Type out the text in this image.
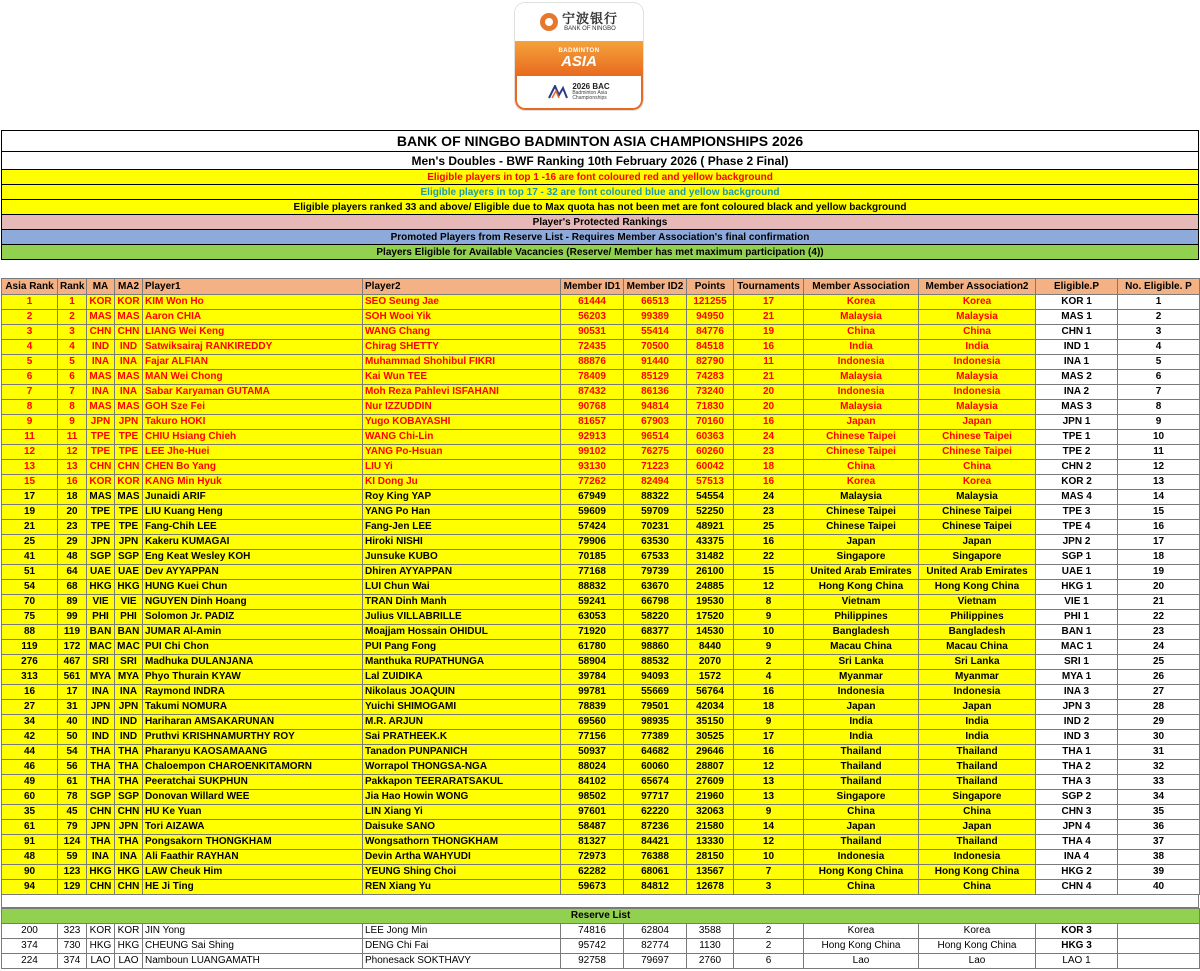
宁波银行
BANK OF NINGBO
BADMINTON
ASIA
2026 BAC
Badminton Asia
Championships
BANK OF NINGBO BADMINTON ASIA CHAMPIONSHIPS 2026
Men's Doubles - BWF Ranking 10th February 2026 ( Phase 2 Final)
Eligible players in top 1 -16 are font coloured red and yellow background
Eligible players in top 17 - 32 are font coloured blue and yellow background
Eligible players ranked 33 and above/ Eligible due to Max quota has not been met are font coloured black and yellow background
Player's Protected Rankings
Promoted Players from Reserve List - Requires Member Association's final confirmation
Players Eligible for Available Vacancies (Reserve/ Member has met maximum participation (4))
Asia Rank	Rank	MA	MA2	Player1	Player2	Member ID1	Member ID2	Points	Tournaments	Member Association	Member Association2	Eligible.P	No. Eligible. P
1	1	KOR	KOR	KIM Won Ho	SEO Seung Jae	61444	66513	121255	17	Korea	Korea	KOR 1	1
2	2	MAS	MAS	Aaron CHIA	SOH Wooi Yik	56203	99389	94950	21	Malaysia	Malaysia	MAS 1	2
3	3	CHN	CHN	LIANG Wei Keng	WANG Chang	90531	55414	84776	19	China	China	CHN 1	3
4	4	IND	IND	Satwiksairaj RANKIREDDY	Chirag SHETTY	72435	70500	84518	16	India	India	IND 1	4
5	5	INA	INA	Fajar ALFIAN	Muhammad Shohibul FIKRI	88876	91440	82790	11	Indonesia	Indonesia	INA 1	5
6	6	MAS	MAS	MAN Wei Chong	Kai Wun TEE	78409	85129	74283	21	Malaysia	Malaysia	MAS 2	6
7	7	INA	INA	Sabar Karyaman GUTAMA	Moh Reza Pahlevi ISFAHANI	87432	86136	73240	20	Indonesia	Indonesia	INA 2	7
8	8	MAS	MAS	GOH Sze Fei	Nur IZZUDDIN	90768	94814	71830	20	Malaysia	Malaysia	MAS 3	8
9	9	JPN	JPN	Takuro HOKI	Yugo KOBAYASHI	81657	67903	70160	16	Japan	Japan	JPN 1	9
11	11	TPE	TPE	CHIU Hsiang Chieh	WANG Chi-Lin	92913	96514	60363	24	Chinese Taipei	Chinese Taipei	TPE 1	10
12	12	TPE	TPE	LEE Jhe-Huei	YANG Po-Hsuan	99102	76275	60260	23	Chinese Taipei	Chinese Taipei	TPE 2	11
13	13	CHN	CHN	CHEN Bo Yang	LIU Yi	93130	71223	60042	18	China	China	CHN 2	12
15	16	KOR	KOR	KANG Min Hyuk	KI Dong Ju	77262	82494	57513	16	Korea	Korea	KOR 2	13
17	18	MAS	MAS	Junaidi ARIF	Roy King YAP	67949	88322	54554	24	Malaysia	Malaysia	MAS 4	14
19	20	TPE	TPE	LIU Kuang Heng	YANG Po Han	59609	59709	52250	23	Chinese Taipei	Chinese Taipei	TPE 3	15
21	23	TPE	TPE	Fang-Chih LEE	Fang-Jen LEE	57424	70231	48921	25	Chinese Taipei	Chinese Taipei	TPE 4	16
25	29	JPN	JPN	Kakeru KUMAGAI	Hiroki NISHI	79906	63530	43375	16	Japan	Japan	JPN 2	17
41	48	SGP	SGP	Eng Keat Wesley KOH	Junsuke KUBO	70185	67533	31482	22	Singapore	Singapore	SGP 1	18
51	64	UAE	UAE	Dev AYYAPPAN	Dhiren AYYAPPAN	77168	79739	26100	15	United Arab Emirates	United Arab Emirates	UAE 1	19
54	68	HKG	HKG	HUNG Kuei Chun	LUI Chun Wai	88832	63670	24885	12	Hong Kong China	Hong Kong China	HKG 1	20
70	89	VIE	VIE	NGUYEN Dinh Hoang	TRAN Dinh Manh	59241	66798	19530	8	Vietnam	Vietnam	VIE 1	21
75	99	PHI	PHI	Solomon Jr. PADIZ	Julius VILLABRILLE	63053	58220	17520	9	Philippines	Philippines	PHI 1	22
88	119	BAN	BAN	JUMAR Al-Amin	Moajjam Hossain OHIDUL	71920	68377	14530	10	Bangladesh	Bangladesh	BAN 1	23
119	172	MAC	MAC	PUI Chi Chon	PUI Pang Fong	61780	98860	8440	9	Macau China	Macau China	MAC 1	24
276	467	SRI	SRI	Madhuka DULANJANA	Manthuka RUPATHUNGA	58904	88532	2070	2	Sri Lanka	Sri Lanka	SRI 1	25
313	561	MYA	MYA	Phyo Thurain KYAW	Lal ZUIDIKA	39784	94093	1572	4	Myanmar	Myanmar	MYA 1	26
16	17	INA	INA	Raymond INDRA	Nikolaus JOAQUIN	99781	55669	56764	16	Indonesia	Indonesia	INA 3	27
27	31	JPN	JPN	Takumi NOMURA	Yuichi SHIMOGAMI	78839	79501	42034	18	Japan	Japan	JPN 3	28
34	40	IND	IND	Hariharan AMSAKARUNAN	M.R. ARJUN	69560	98935	35150	9	India	India	IND 2	29
42	50	IND	IND	Pruthvi KRISHNAMURTHY ROY	Sai PRATHEEK.K	77156	77389	30525	17	India	India	IND 3	30
44	54	THA	THA	Pharanyu KAOSAMAANG	Tanadon PUNPANICH	50937	64682	29646	16	Thailand	Thailand	THA 1	31
46	56	THA	THA	Chaloempon CHAROENKITAMORN	Worrapol THONGSA-NGA	88024	60060	28807	12	Thailand	Thailand	THA 2	32
49	61	THA	THA	Peeratchai SUKPHUN	Pakkapon TEERARATSAKUL	84102	65674	27609	13	Thailand	Thailand	THA 3	33
60	78	SGP	SGP	Donovan Willard WEE	Jia Hao Howin WONG	98502	97717	21960	13	Singapore	Singapore	SGP 2	34
35	45	CHN	CHN	HU Ke Yuan	LIN Xiang Yi	97601	62220	32063	9	China	China	CHN 3	35
61	79	JPN	JPN	Tori AIZAWA	Daisuke SANO	58487	87236	21580	14	Japan	Japan	JPN 4	36
91	124	THA	THA	Pongsakorn THONGKHAM	Wongsathorn THONGKHAM	81327	84421	13330	12	Thailand	Thailand	THA 4	37
48	59	INA	INA	Ali Faathir RAYHAN	Devin Artha WAHYUDI	72973	76388	28150	10	Indonesia	Indonesia	INA 4	38
90	123	HKG	HKG	LAW Cheuk Him	YEUNG Shing Choi	62282	68061	13567	7	Hong Kong China	Hong Kong China	HKG 2	39
94	129	CHN	CHN	HE Ji Ting	REN Xiang Yu	59673	84812	12678	3	China	China	CHN 4	40
Reserve List													
200	323	KOR	KOR	JIN Yong	LEE Jong Min	74816	62804	3588	2	Korea	Korea	KOR 3	
374	730	HKG	HKG	CHEUNG Sai Shing	DENG Chi Fai	95742	82774	1130	2	Hong Kong China	Hong Kong China	HKG 3	
224	374	LAO	LAO	Namboun LUANGAMATH	Phonesack SOKTHAVY	92758	79697	2760	6	Lao	Lao	LAO 1	
